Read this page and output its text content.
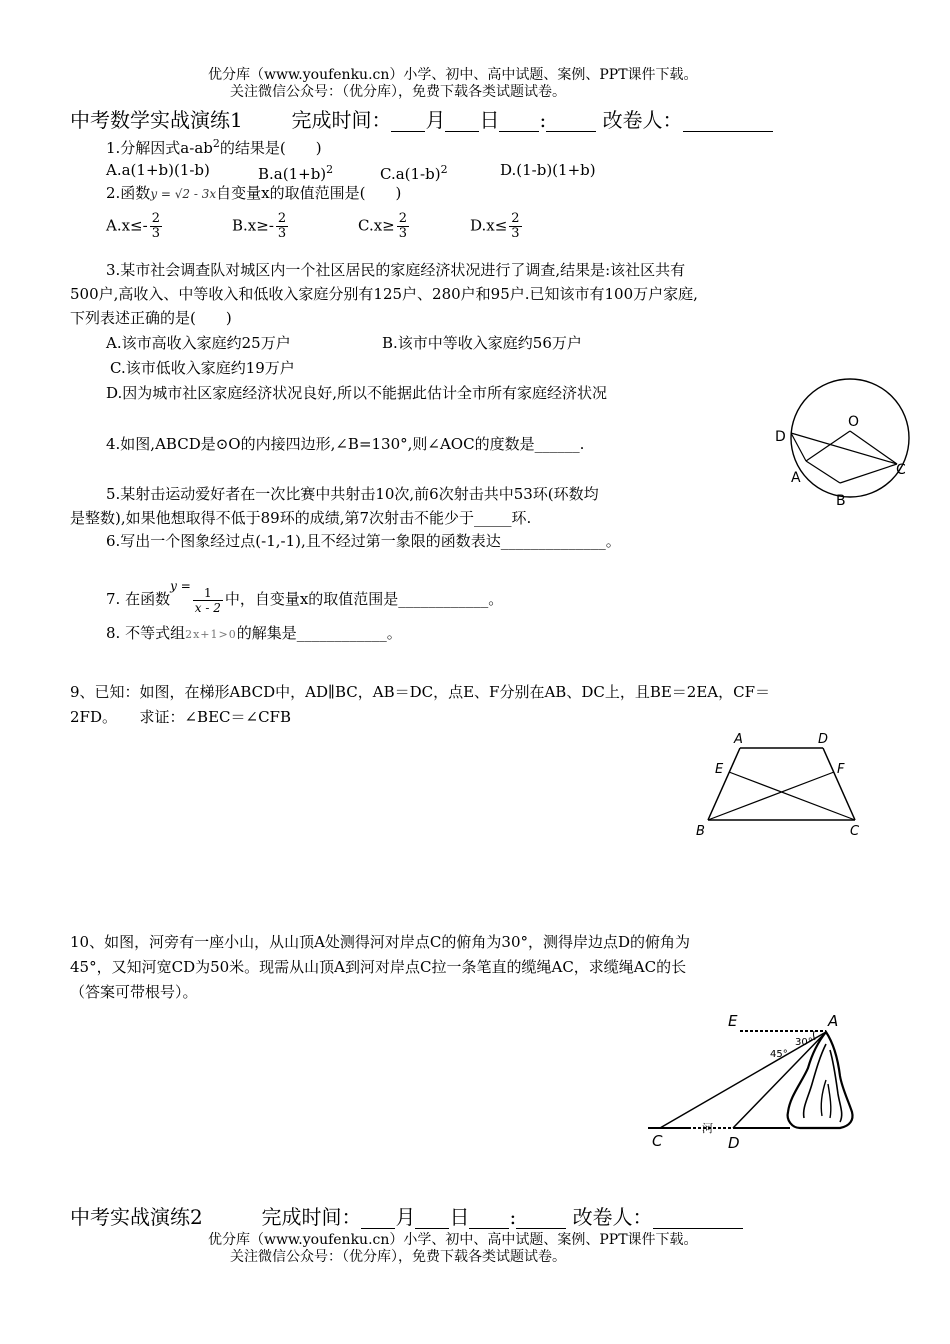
优分库（www.youfenku.cn）小学、初中、高中试题、案例、PPT课件下载。
关注微信公众号：（优分库），免费下载各类试题试卷。
中考数学实战演练1 完成时间： 月 日 :	改卷人：
1.分解因式$a-ab^2$的结果是(　　)
A.a(1+b)(1-b)	$B.a(1+b)^2$	$C.a(1-b)^2$	D.(1-b)(1+b)
2.函数y = √2 - 3x自变量x的取值范围是(　　)
$A.x\le- \frac{2}{3}$	$B.x\ge- \frac{2}{3}$	$C.x\ge \frac{2}{3}$	$D.x\le \frac{2}{3}$
3.某市社会调查队对城区内一个社区居民的家庭经济状况进行了调查,结果是:该社区共有
500户,高收入、中等收入和低收入家庭分别有125户、280户和95户.已知该市有100万户家庭,
下列表述正确的是(　　)
A.该市高收入家庭约25万户	B.该市中等收入家庭约56万户
C.该市低收入家庭约19万户
D.因为城市社区家庭经济状况良好,所以不能据此估计全市所有家庭经济状况
O
D
A
B
C
4.如图,ABCD是⊙O的内接四边形,∠B=130°,则∠AOC的度数是______.
5.某射击运动爱好者在一次比赛中共射击10次,前6次射击共中53环(环数均
是整数),如果他想取得不低于89环的成绩,第7次射击不能少于_____环.
6.写出一个图象经过点(-1,-1),且不经过第一象限的函数表达______________。
7. 在函数$^{y =} \frac{1}{x - 2}$ 中，自变量x的取值范围是____________。
8. 不等式组2x+1>0的解集是____________。
9、已知：如图，在梯形ABCD中，AD∥BC，AB＝DC，点E、F分别在AB、DC上，且BE＝2EA，CF＝
2FD。　　求证：∠BEC＝∠CFB
A	D
E	F
B	C
10、如图，河旁有一座小山，从山顶A处测得河对岸点C的俯角为30°，测得岸边点D的俯角为
45°，又知河宽CD为50米。现需从山顶A到河对岸点C拉一条笔直的缆绳AC，求缆绳AC的长
（答案可带根号）。
E	A
30°
45°
河
C	D
中考实战演练2	完成时间： 月 日 :	改卷人：
优分库（www.youfenku.cn）小学、初中、高中试题、案例、PPT课件下载。
关注微信公众号：（优分库），免费下载各类试题试卷。
